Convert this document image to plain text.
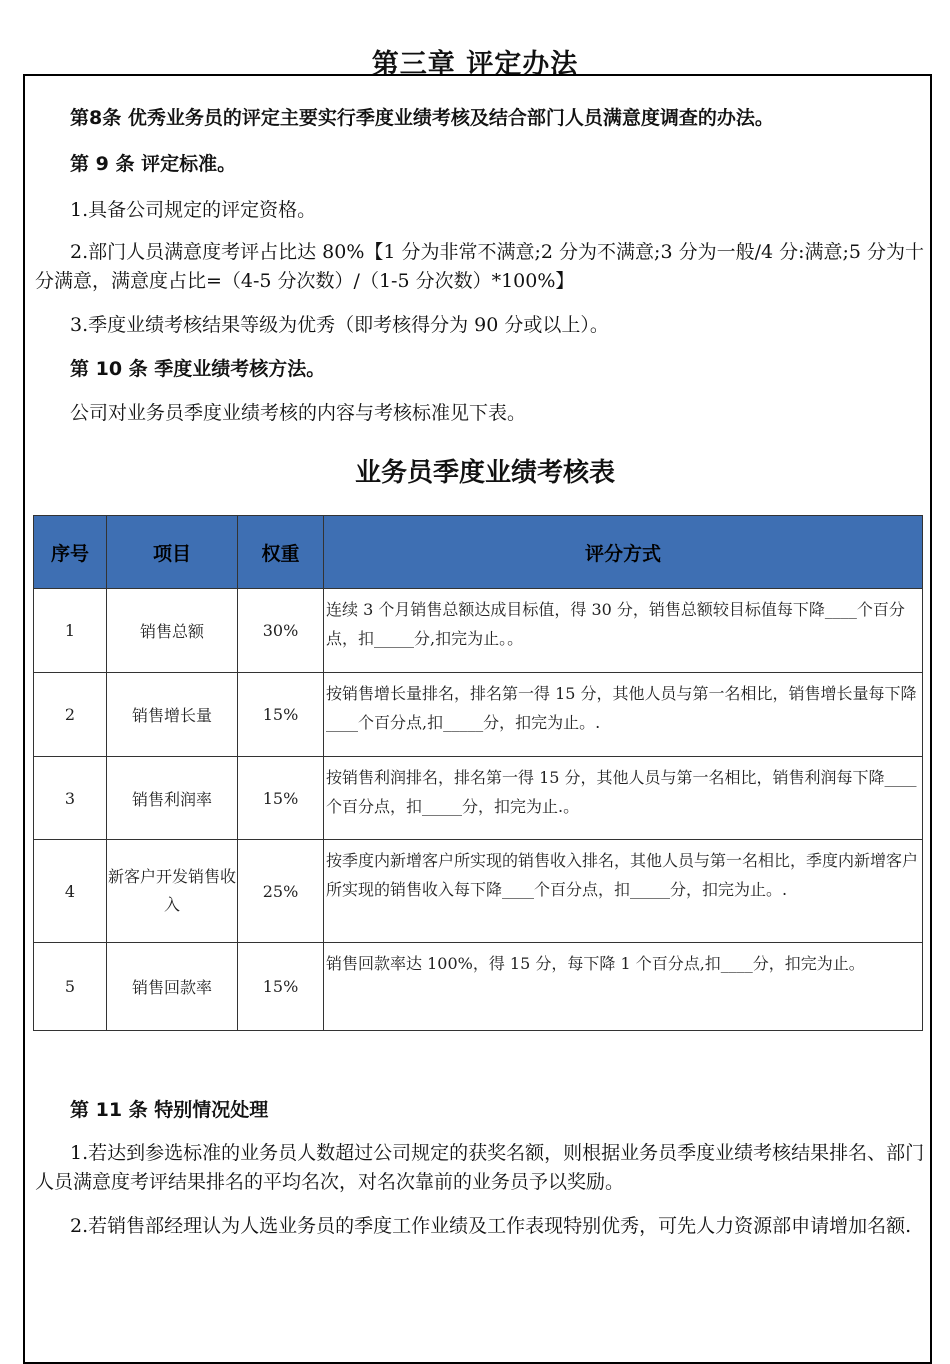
第三章 评定办法

第8条 优秀业务员的评定主要实行季度业绩考核及结合部门人员满意度调查的办法。

第 9 条 评定标准。

1.具备公司规定的评定资格。

2.部门人员满意度考评占比达 80%【1 分为非常不满意;2 分为不满意;3 分为一般/4 分:满意;5 分为十分满意，满意度占比=（4-5 分次数）/（1-5 分次数）*100%】

3.季度业绩考核结果等级为优秀（即考核得分为 90 分或以上）。

第 10 条 季度业绩考核方法。

公司对业务员季度业绩考核的内容与考核标准见下表。

业务员季度业绩考核表
序号	项目	权重	评分方式
1	销售总额	30%	连续 3 个月销售总额达成目标值，得 30 分，销售总额较目标值每下降____个百分点，扣_____分,扣完为止。。
2	销售增长量	15%	按销售增长量排名，排名第一得 15 分，其他人员与第一名相比，销售增长量每下降____个百分点,扣_____分，扣完为止。.
3	销售利润率	15%	按销售利润排名，排名第一得 15 分，其他人员与第一名相比，销售利润每下降____个百分点，扣_____分，扣完为止.。
4	新客户开发销售收入	25%	按季度内新增客户所实现的销售收入排名，其他人员与第一名相比，季度内新增客户所实现的销售收入每下降____个百分点，扣_____分，扣完为止。.
5	销售回款率	15%	销售回款率达 100%，得 15 分，每下降 1 个百分点,扣____分，扣完为止。

第 11 条 特别情况处理

1.若达到参选标准的业务员人数超过公司规定的获奖名额，则根据业务员季度业绩考核结果排名、部门人员满意度考评结果排名的平均名次，对名次靠前的业务员予以奖励。

2.若销售部经理认为人选业务员的季度工作业绩及工作表现特别优秀，可先人力资源部申请增加名额.
